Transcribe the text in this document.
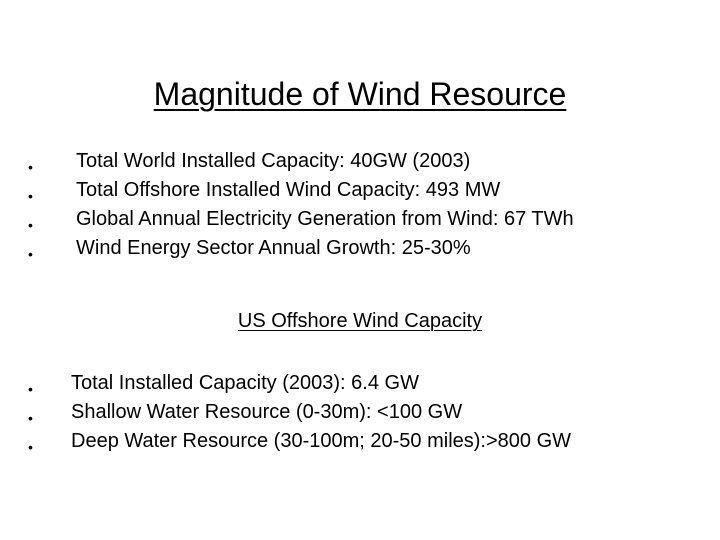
Magnitude of Wind Resource
• Total World Installed Capacity: 40GW (2003)
• Total Offshore Installed Wind Capacity: 493 MW
• Global Annual Electricity Generation from Wind: 67 TWh
• Wind Energy Sector Annual Growth: 25-30%
US Offshore Wind Capacity
• Total Installed Capacity (2003): 6.4 GW
• Shallow Water Resource (0-30m): <100 GW
• Deep Water Resource (30-100m; 20-50 miles):>800 GW
